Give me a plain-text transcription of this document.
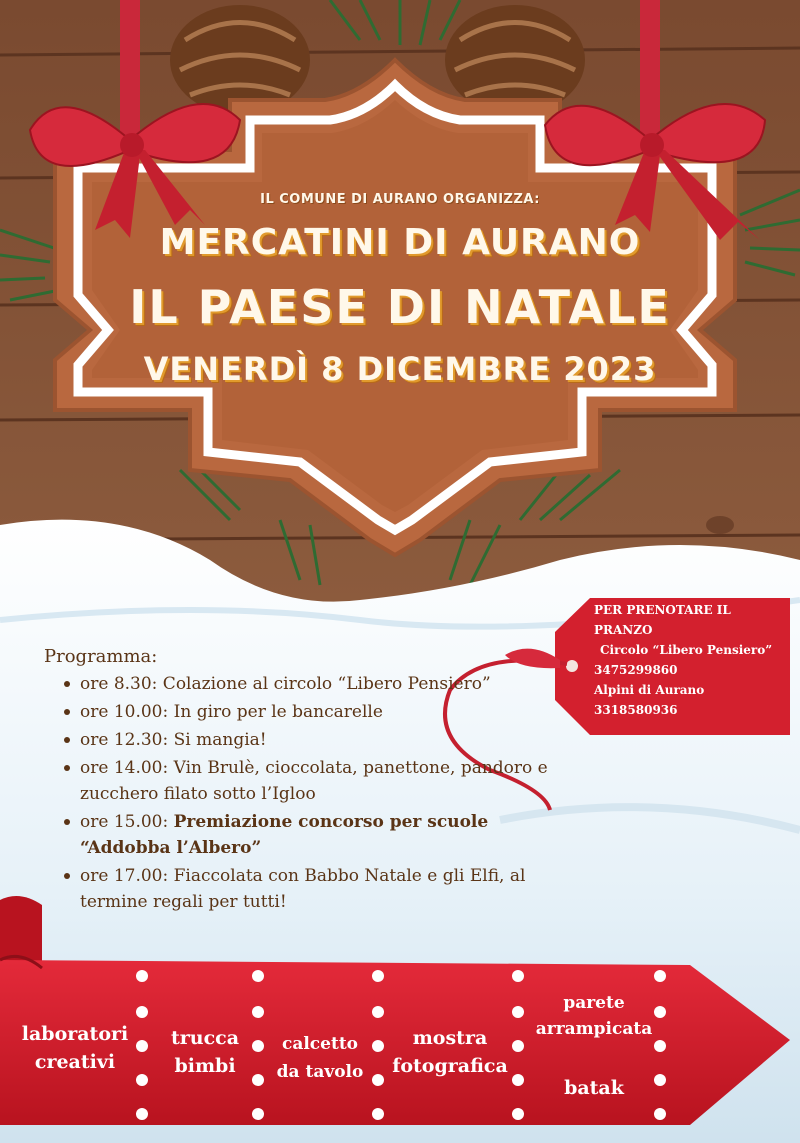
IL COMUNE DI AURANO ORGANIZZA:
MERCATINI DI AURANO
IL PAESE DI NATALE
VENERDÌ 8 DICEMBRE 2023
PER PRENOTARE IL
PRANZO
Circolo “Libero Pensiero”
3475299860
Alpini di Aurano
3318580936
Programma:
ore 8.30: Colazione al circolo “Libero Pensiero”
ore 10.00: In giro per le bancarelle
ore 12.30: Si mangia!
ore 14.00: Vin Brulè, cioccolata, panettone, pandoro e zucchero filato sotto l’Igloo
ore 15.00: Premiazione concorso per scuole “Addobba l’Albero”
ore 17.00: Fiaccolata con Babbo Natale e gli Elfi, al termine regali per tutti!
laboratori
creativi
trucca
bimbi
calcetto
da tavolo
mostra
fotografica
parete
arrampicata
batak
